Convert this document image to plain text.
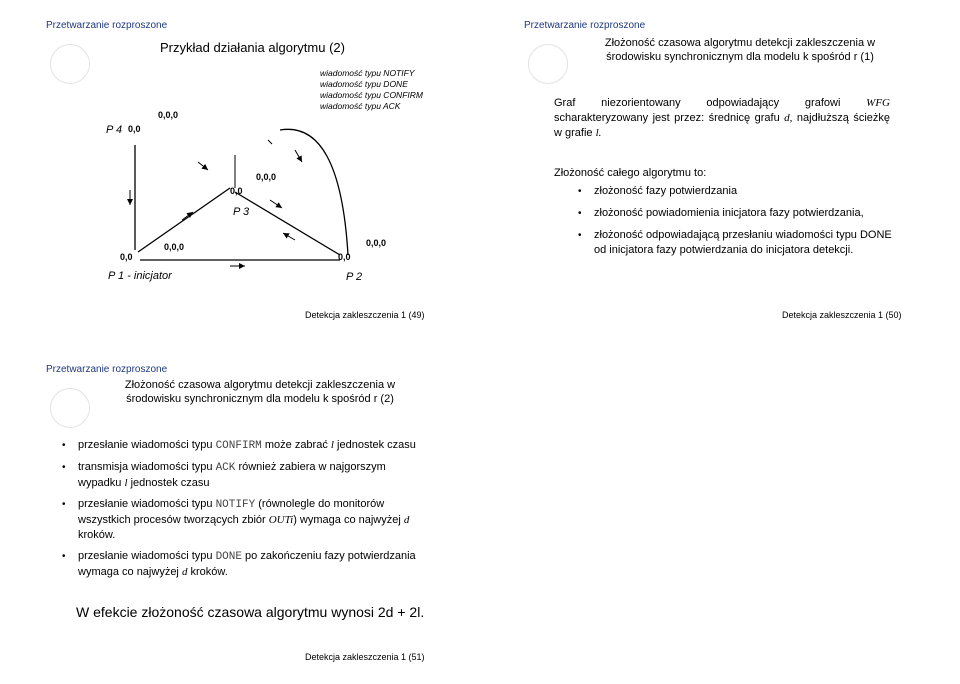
Przetwarzanie rozproszone
Przykład działania algorytmu (2)
wiadomość typu NOTIFY
wiadomość typu DONE
wiadomość typu CONFIRM
wiadomość typu ACK
P 4 0,0
0,0,0
0,0,0
0,0
P 3
0,0
0,0,0
P 1 - inicjator
0,0,0
0,0
P 2
Detekcja zakleszczenia 1 (49)
Przetwarzanie rozproszone
Złożoność czasowa algorytmu detekcji zakleszczenia w
środowisku synchronicznym dla modelu k spośród r (1)
Graf niezorientowany odpowiadający grafowi WFG scharakteryzowany jest przez: średnicę grafu d, najdłuższą ścieżkę w grafie l.
Złożoność całego algorytmu to:
• złożoność fazy potwierdzania
• złożoność powiadomienia inicjatora fazy potwierdzania,
• złożoność odpowiadającą przesłaniu wiadomości typu DONE od inicjatora fazy potwierdzania do inicjatora detekcji.
Detekcja zakleszczenia 1 (50)
Przetwarzanie rozproszone
Złożoność czasowa algorytmu detekcji zakleszczenia w
środowisku synchronicznym dla modelu k spośród r (2)
• przesłanie wiadomości typu CONFIRM może zabrać l jednostek czasu
• transmisja wiadomości typu ACK również zabiera w najgorszym wypadku l jednostek czasu
• przesłanie wiadomości typu NOTIFY (równolegle do monitorów wszystkich procesów tworzących zbiór OUTi) wymaga co najwyżej d kroków.
• przesłanie wiadomości typu DONE po zakończeniu fazy potwierdzania wymaga co najwyżej d kroków.
W efekcie złożoność czasowa algorytmu wynosi 2d + 2l.
Detekcja zakleszczenia 1 (51)
